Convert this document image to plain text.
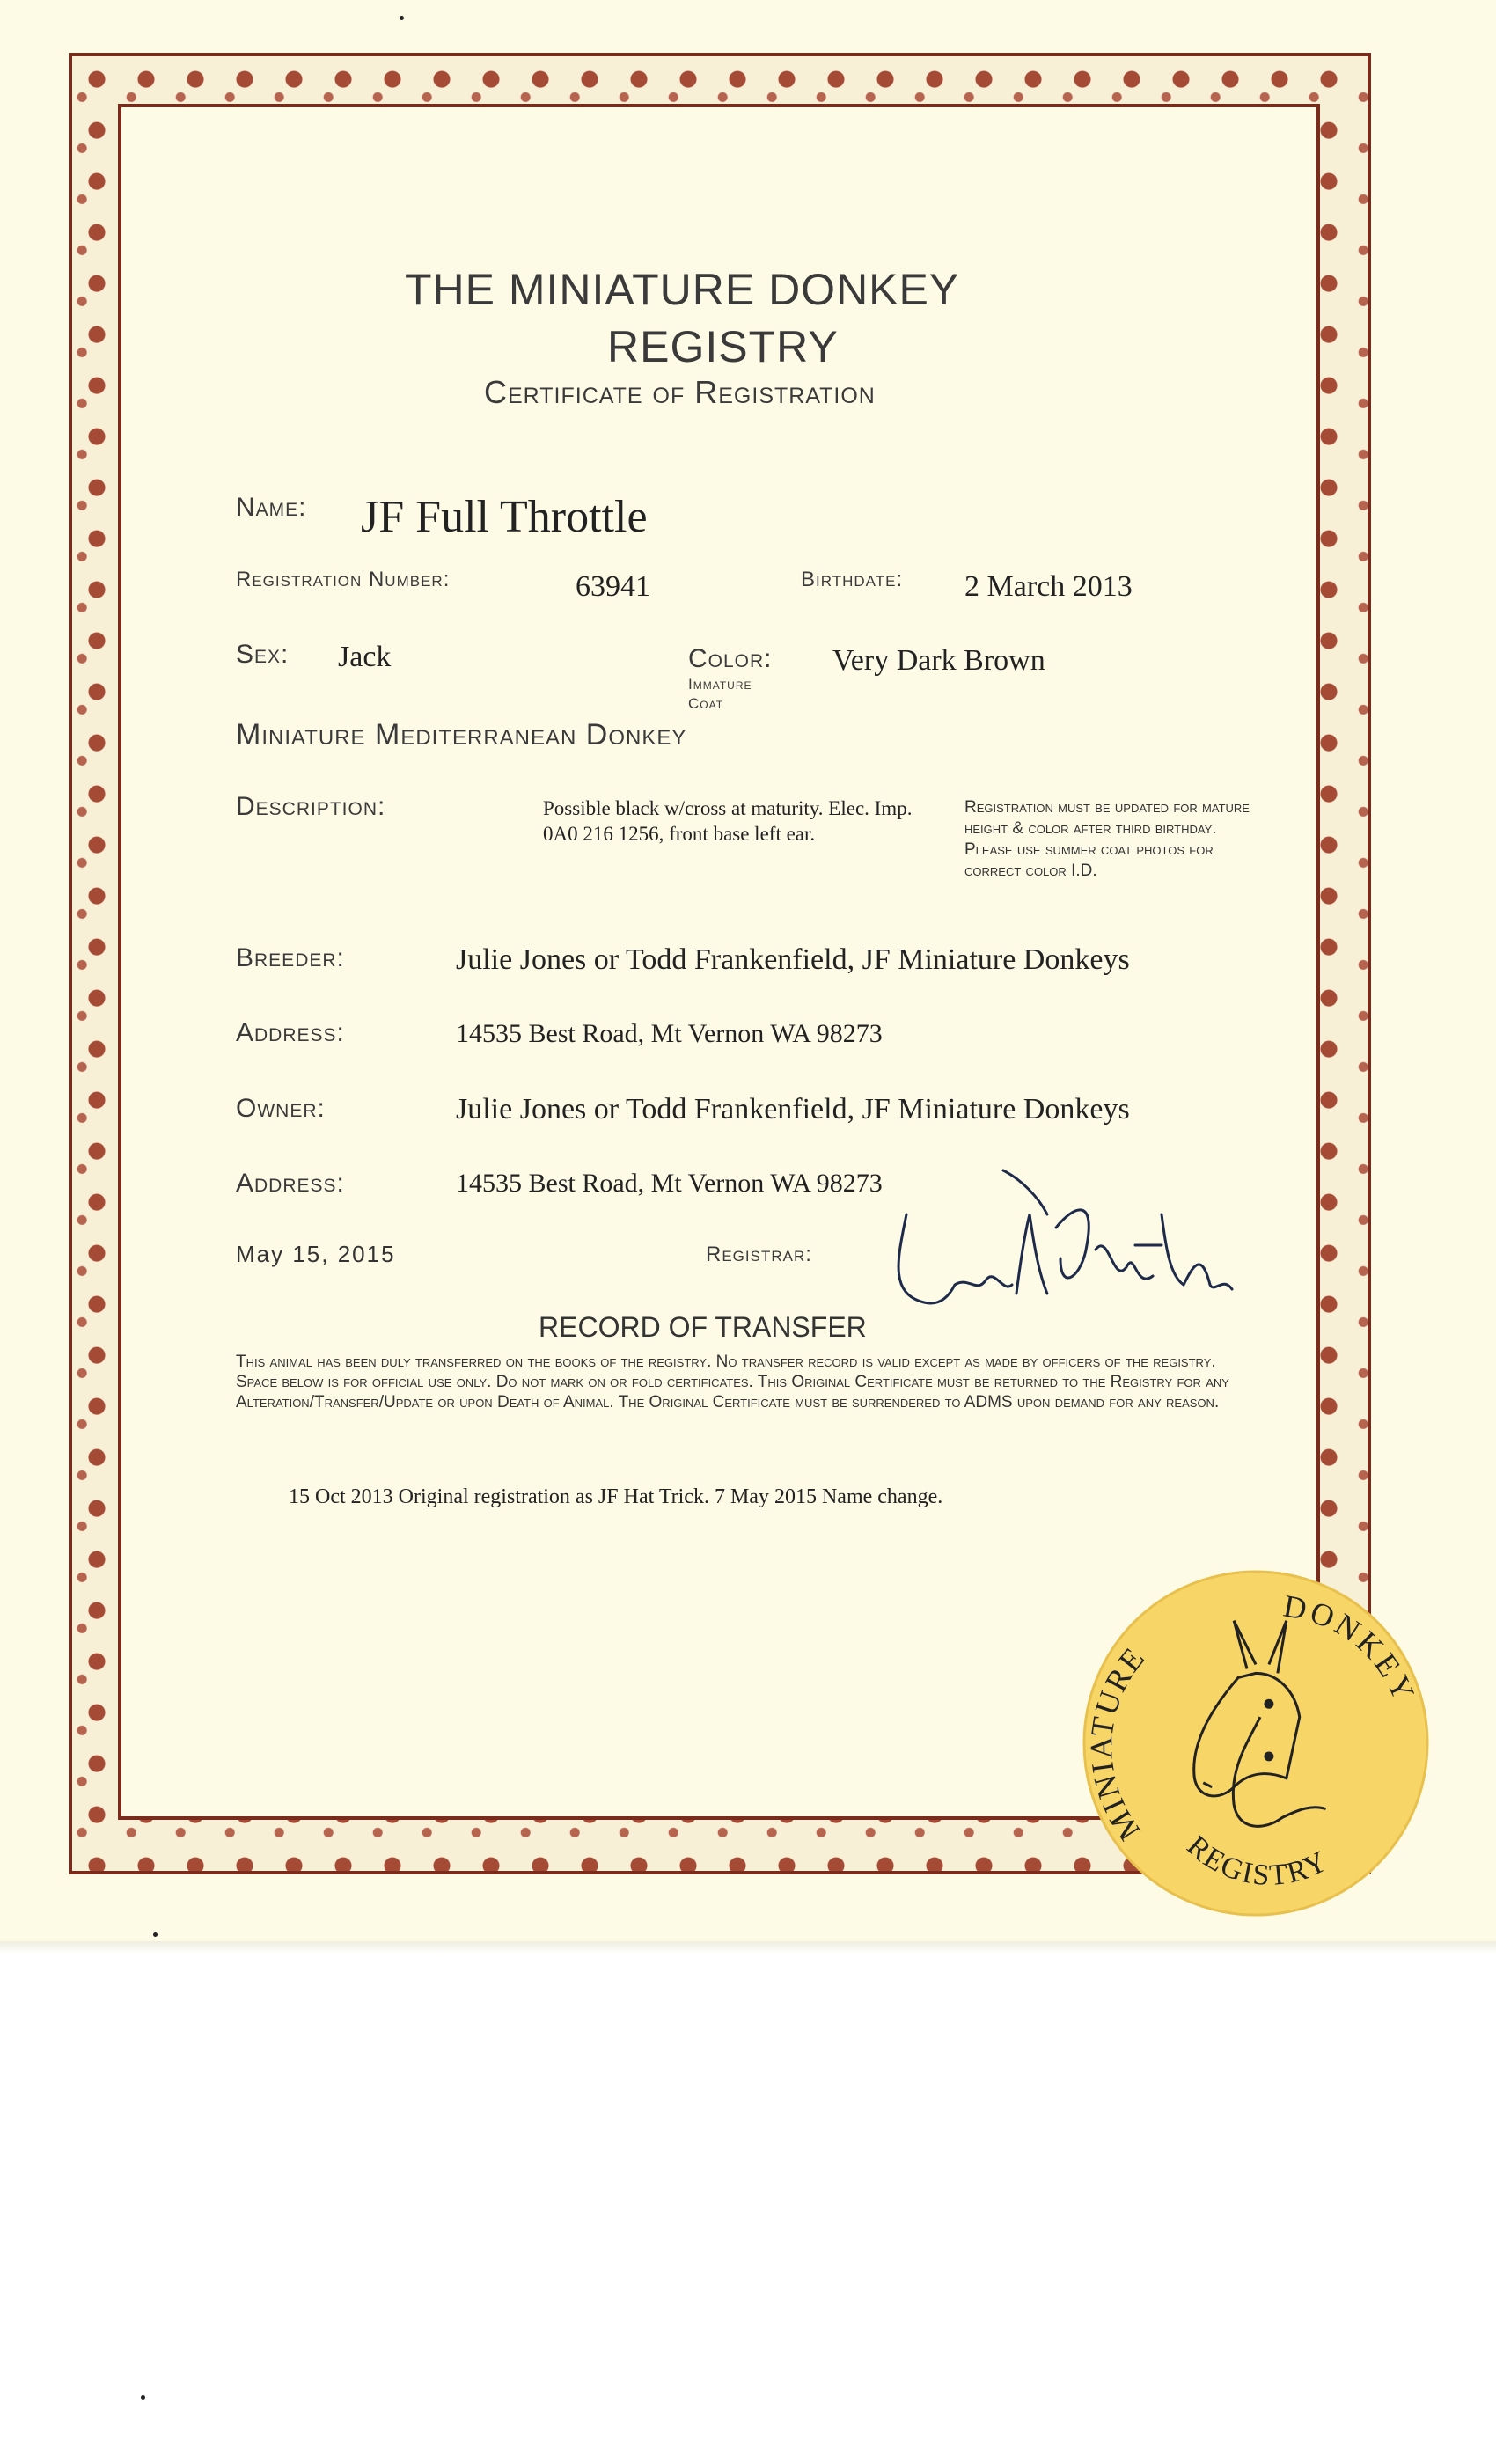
THE MINIATURE DONKEY
REGISTRY
Certificate of Registration
Name: JF Full Throttle
Registration Number:	63941	Birthdate: 2 March 2013
Sex: Jack	Color:
Immature
Coat
Very Dark Brown
Miniature Mediterranean Donkey
Description:	Possible black w/cross at maturity. Elec. Imp. 0A0 216 1256, front base left ear.
Registration must be updated for mature height & color after third birthday. Please use summer coat photos for correct color I.D.
Breeder:	Julie Jones or Todd Frankenfield, JF Miniature Donkeys
Address:	14535 Best Road, Mt Vernon WA 98273
Owner:	Julie Jones or Todd Frankenfield, JF Miniature Donkeys
Address:	14535 Best Road, Mt Vernon WA 98273
May 15, 2015	Registrar:
RECORD OF TRANSFER
This animal has been duly transferred on the books of the registry. No transfer record is valid except as made by officers of the registry. Space below is for official use only. Do not mark on or fold certificates. This Original Certificate must be returned to the Registry for any Alteration/Transfer/Update or upon Death of Animal. The Original Certificate must be surrendered to ADMS upon demand for any reason.
15 Oct 2013 Original registration as JF Hat Trick. 7 May 2015 Name change.
MINIATURE
DONKEY
REGISTRY
